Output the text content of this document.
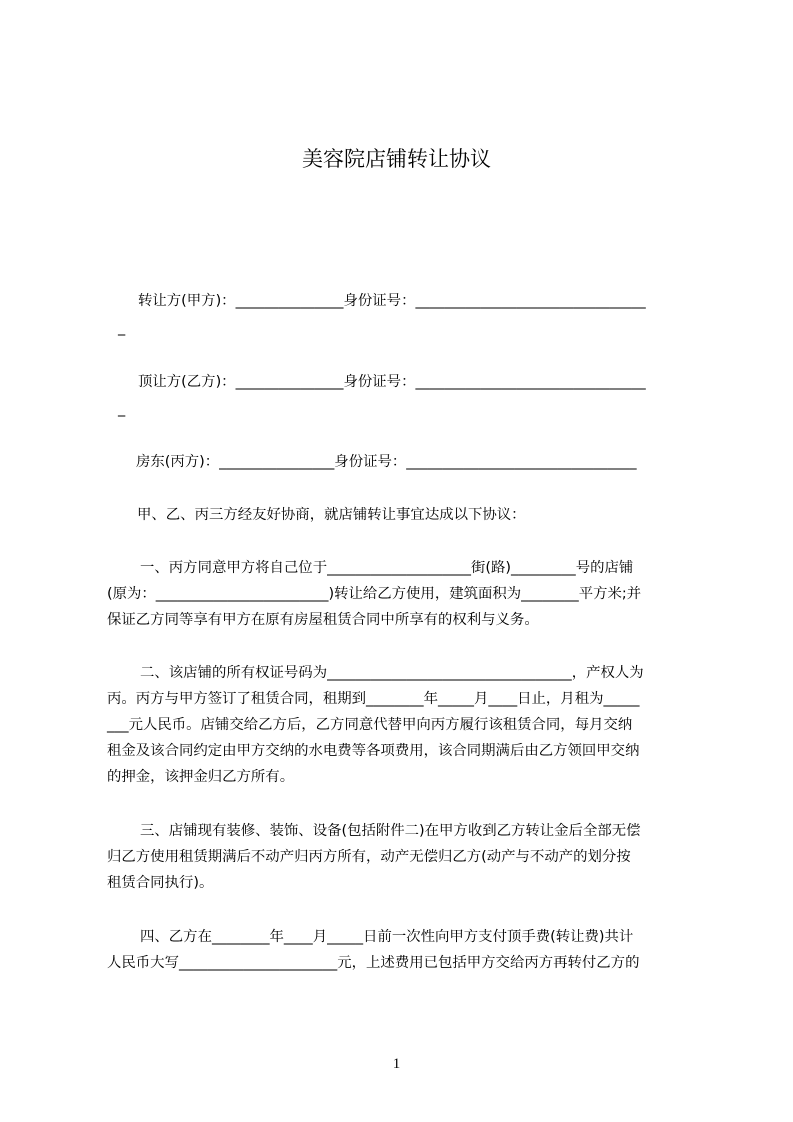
美容院店铺转让协议
转让方(甲方)：_______________身份证号：________________________________
_
顶让方(乙方)：_______________身份证号：________________________________
_
房东(丙方)：________________身份证号：________________________________
甲、乙、丙三方经友好协商，就店铺转让事宜达成以下协议：
一、丙方同意甲方将自己位于____________________街(路)_________号的店铺
(原为：________________________)转让给乙方使用，建筑面积为________平方米;并
保证乙方同等享有甲方在原有房屋租赁合同中所享有的权利与义务。
二、该店铺的所有权证号码为__________________________________，产权人为
丙。丙方与甲方签订了租赁合同，租期到________年_____月____日止，月租为_____
___元人民币。店铺交给乙方后，乙方同意代替甲向丙方履行该租赁合同，每月交纳
租金及该合同约定由甲方交纳的水电费等各项费用，该合同期满后由乙方领回甲交纳
的押金，该押金归乙方所有。
三、店铺现有装修、装饰、设备(包括附件二)在甲方收到乙方转让金后全部无偿
归乙方使用租赁期满后不动产归丙方所有，动产无偿归乙方(动产与不动产的划分按
租赁合同执行)。
四、乙方在________年____月_____日前一次性向甲方支付顶手费(转让费)共计
人民币大写______________________元，上述费用已包括甲方交给丙方再转付乙方的
1
